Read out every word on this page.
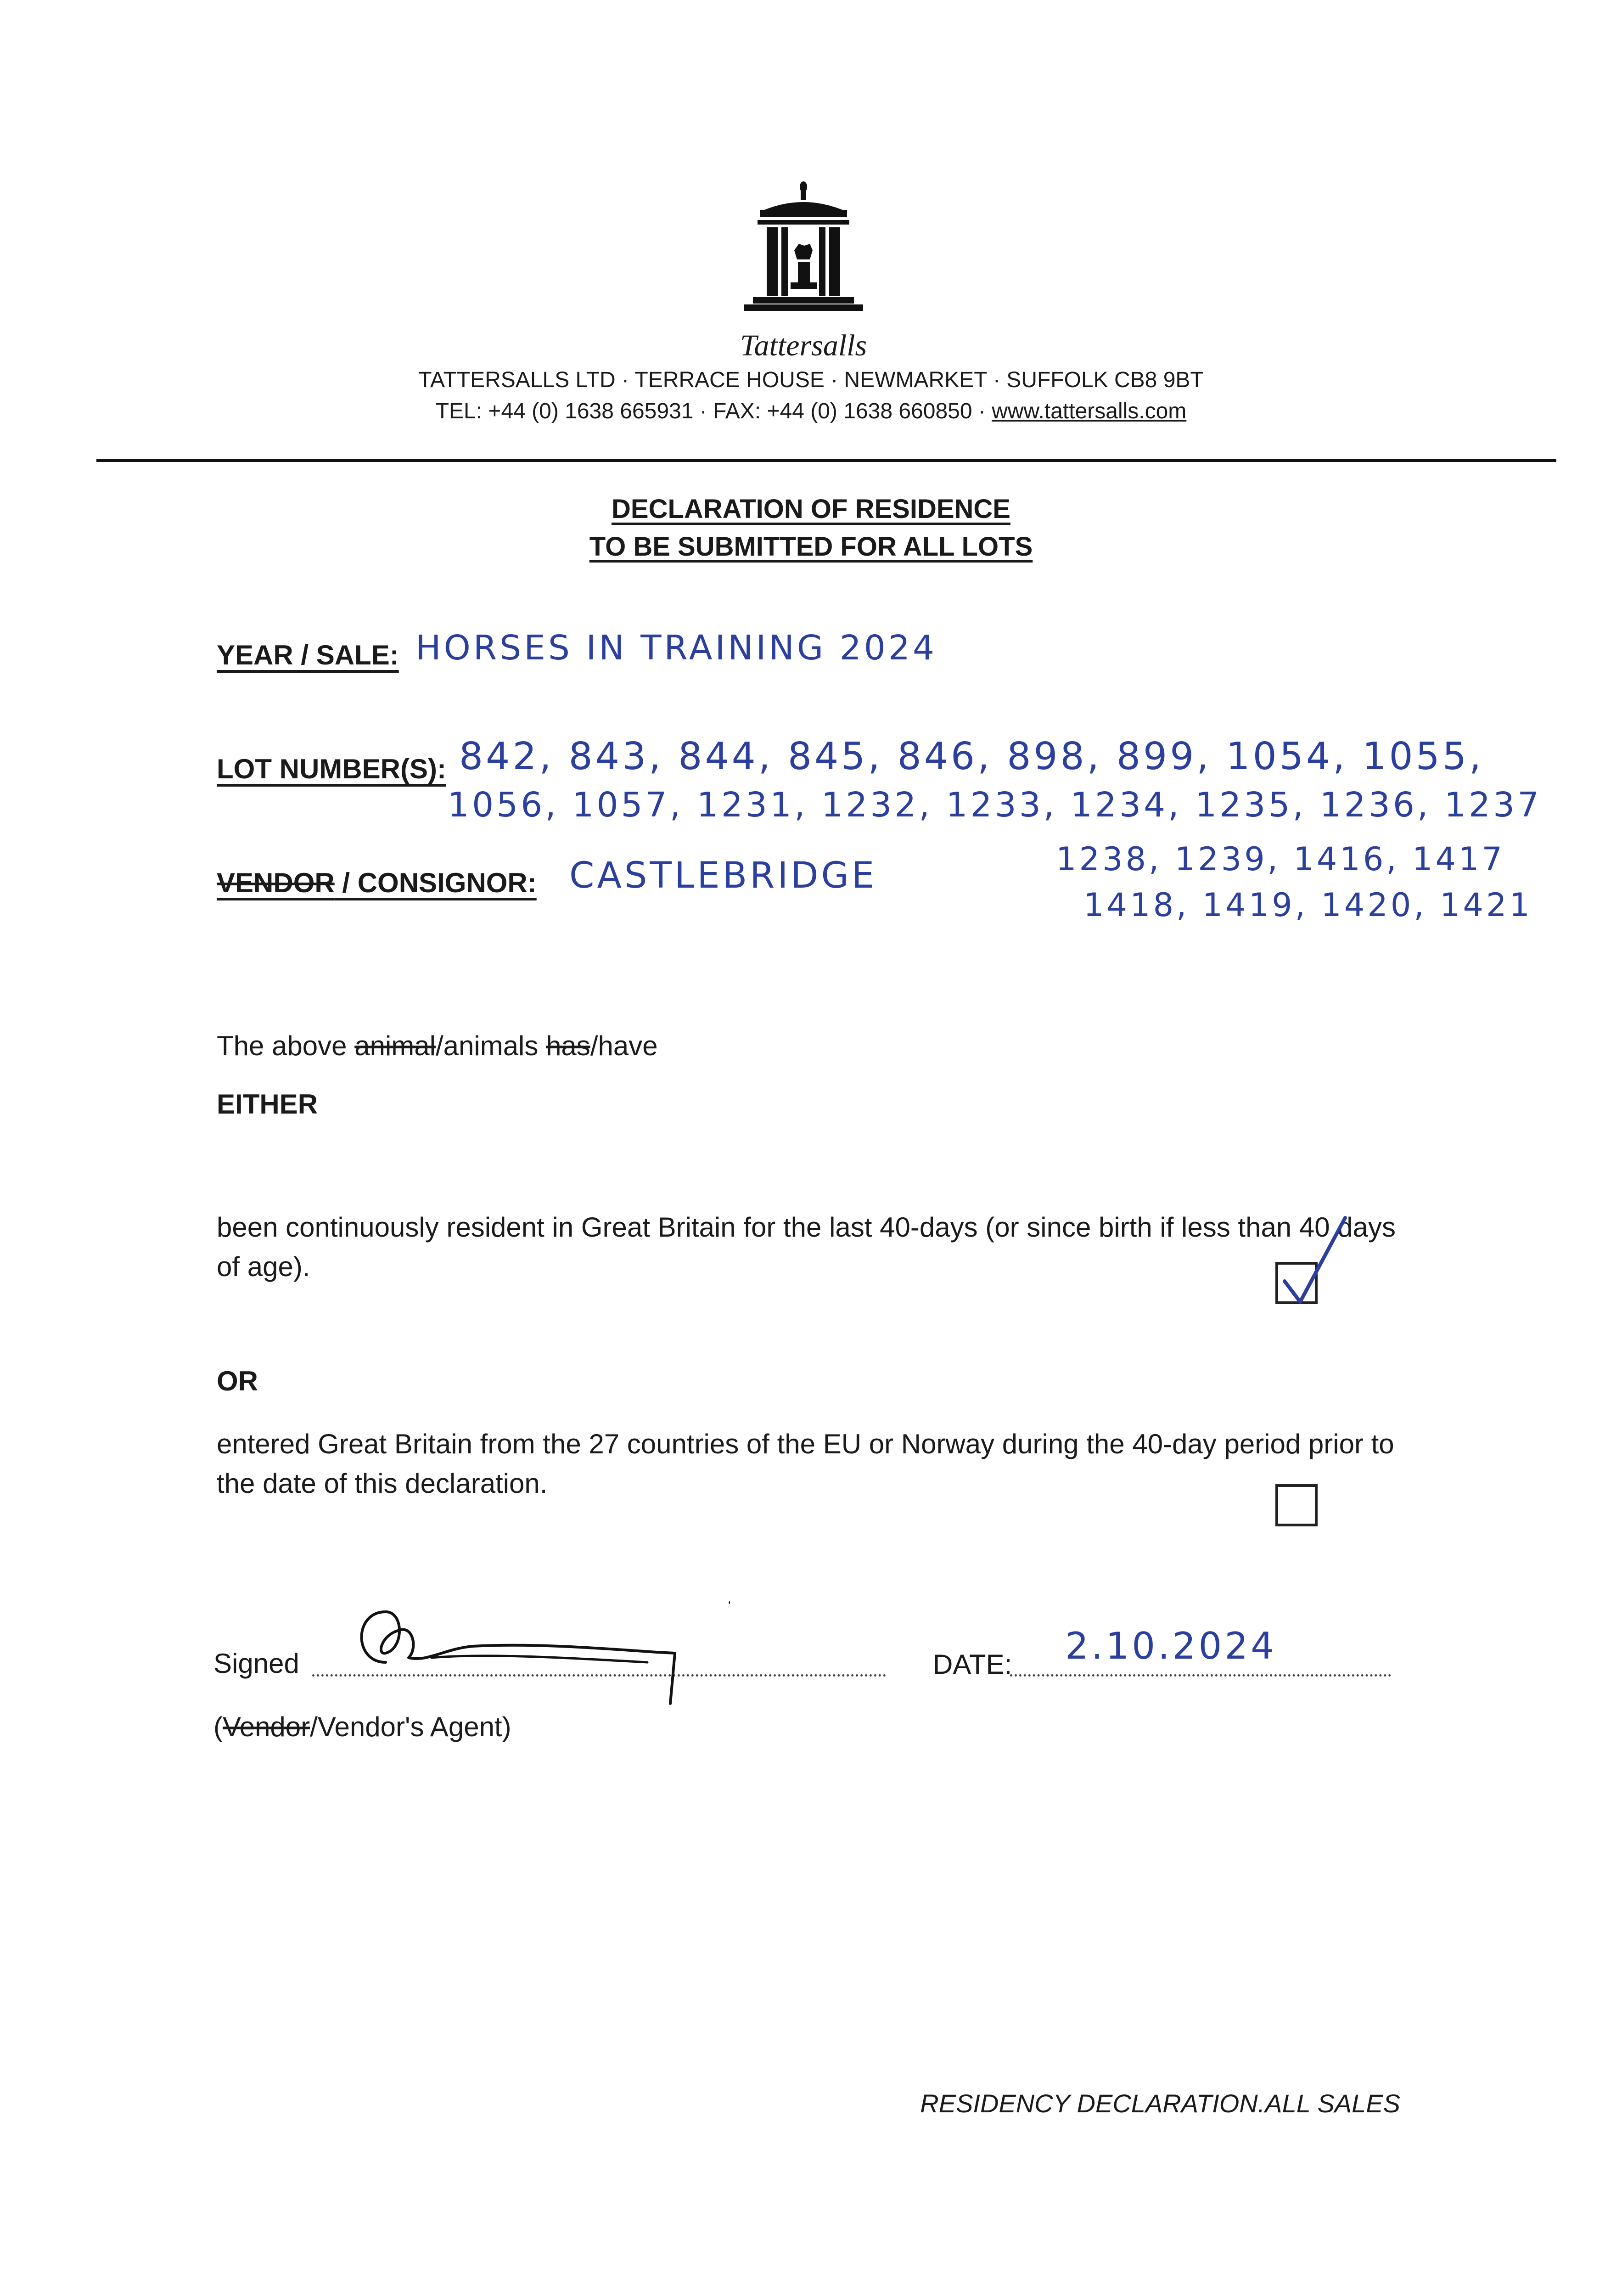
Tattersalls
TATTERSALLS LTD · TERRACE HOUSE · NEWMARKET · SUFFOLK CB8 9BT
TEL: +44 (0) 1638 665931 · FAX: +44 (0) 1638 660850 · www.tattersalls.com
DECLARATION OF RESIDENCE
TO BE SUBMITTED FOR ALL LOTS
YEAR / SALE: HORSES IN TRAINING 2024
LOT NUMBER(S): 842, 843, 844, 845, 846, 898, 899, 1054, 1055,
1056, 1057, 1231, 1232, 1233, 1234, 1235, 1236, 1237
1238, 1239, 1416, 1417
1418, 1419, 1420, 1421
VENDOR / CONSIGNOR: CASTLEBRIDGE
The above animal/animals has/have
EITHER
been continuously resident in Great Britain for the last 40-days (or since birth if less than 40 days of age).
OR
entered Great Britain from the 27 countries of the EU or Norway during the 40-day period prior to the date of this declaration.
Signed	DATE: 2.10.2024
(Vendor/Vendor's Agent)
RESIDENCY DECLARATION.ALL SALES
